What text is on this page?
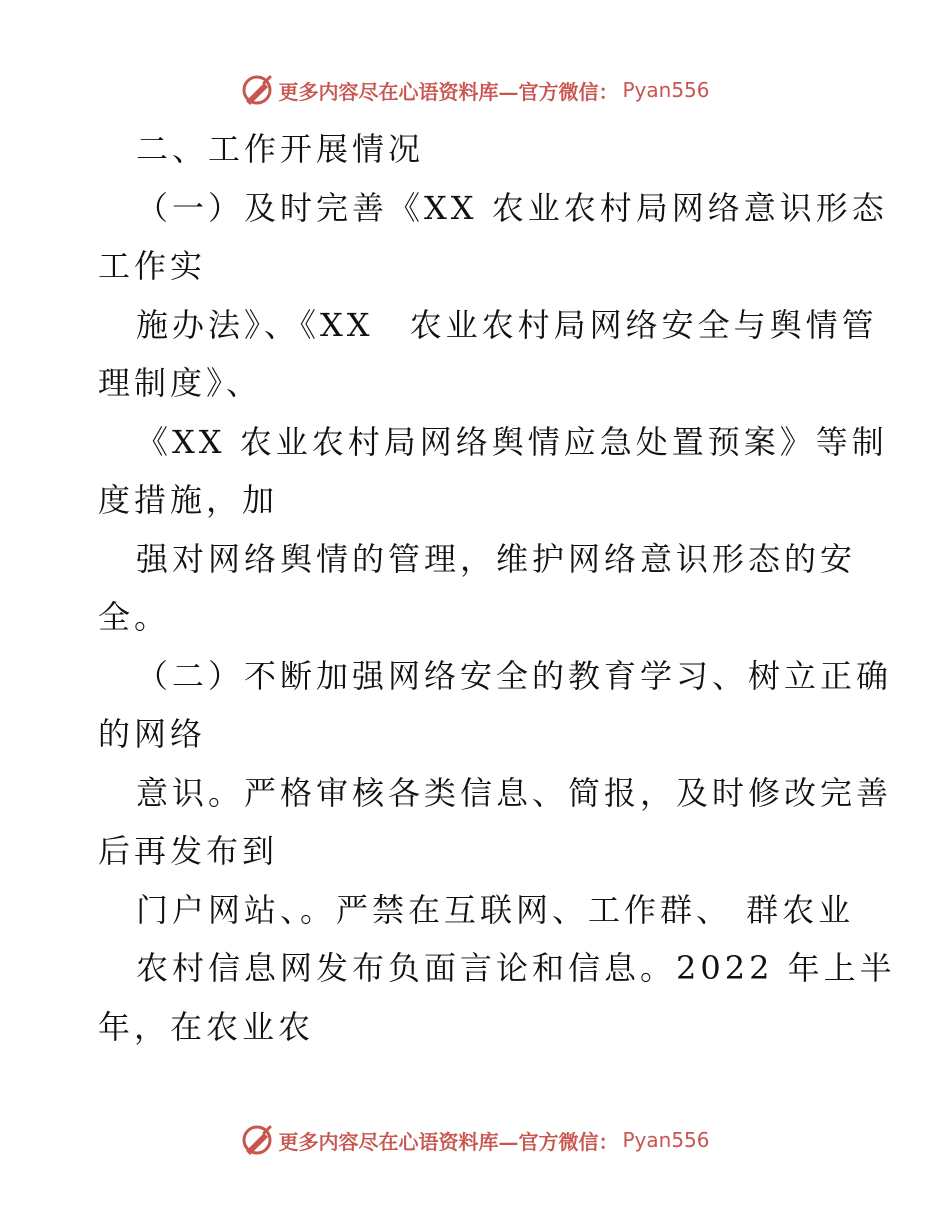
更多内容尽在心语资料库—官方微信： Pyan556
二、工作开展情况
（一）及时完善《XX 农业农村局网络意识形态
工作实
施办法》、《XX　农业农村局网络安全与舆情管
理制度》、
《XX 农业农村局网络舆情应急处置预案》等制
度措施，加
强对网络舆情的管理，维护网络意识形态的安
全。
（二）不断加强网络安全的教育学习、树立正确
的网络
意识。严格审核各类信息、简报，及时修改完善
后再发布到
门户网站、。严禁在互联网、工作群、 群农业
农村信息网发布负面言论和信息。2022 年上半
年，在农业农
更多内容尽在心语资料库—官方微信： Pyan556
